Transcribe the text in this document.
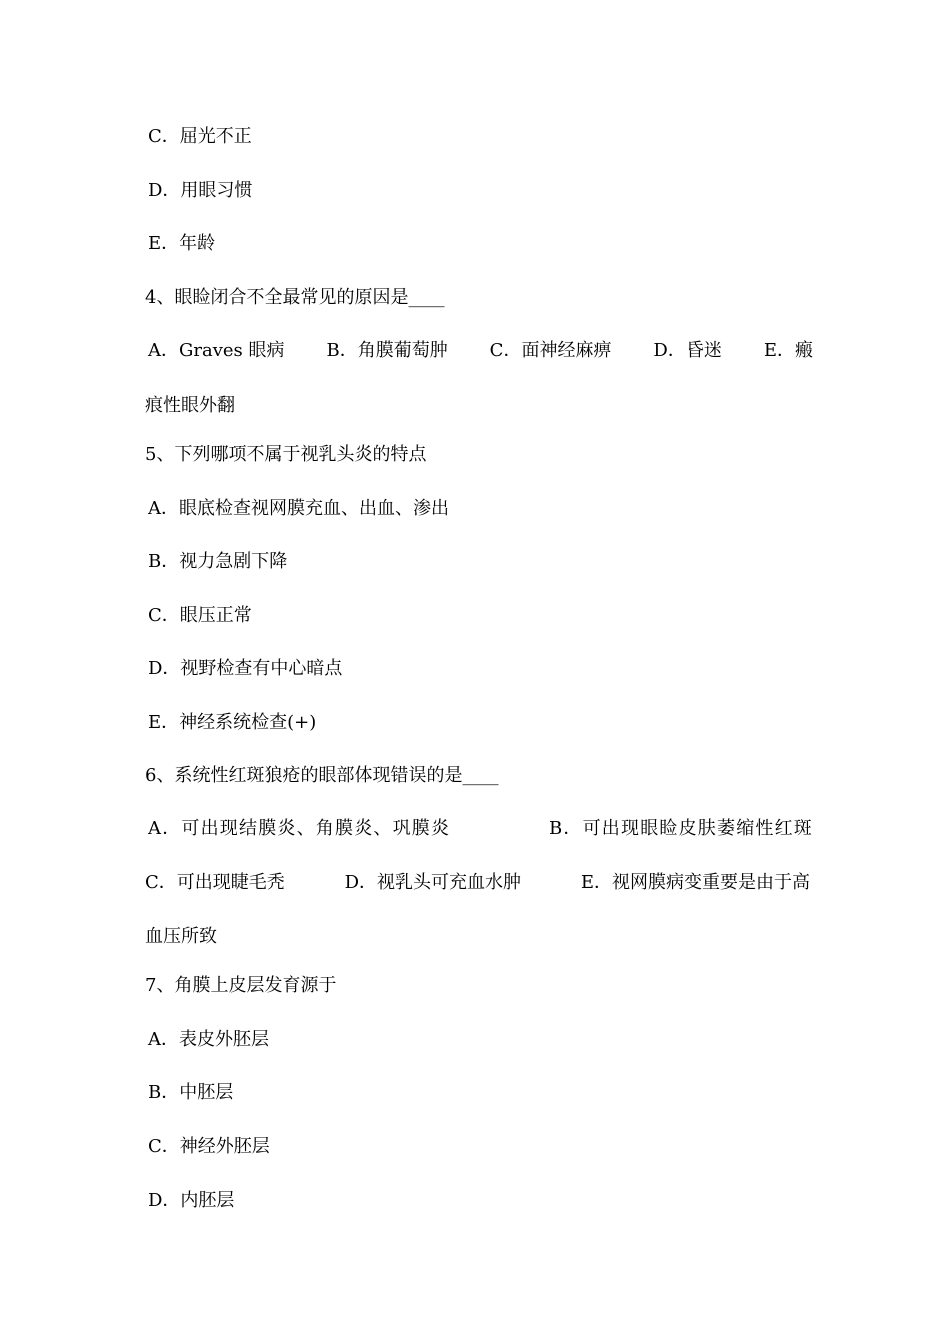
C．屈光不正
D．用眼习惯
E．年龄
4、眼睑闭合不全最常见的原因是____
A．Graves 眼病 B．角膜葡萄肿 C．面神经麻痹 D．昏迷 E．瘢
痕性眼外翻
5、下列哪项不属于视乳头炎的特点
A．眼底检查视网膜充血、出血、渗出
B．视力急剧下降
C．眼压正常
D．视野检查有中心暗点
E．神经系统检查(+)
6、系统性红斑狼疮的眼部体现错误的是____
A．可出现结膜炎、角膜炎、巩膜炎	B．可出现眼睑皮肤萎缩性红斑
C．可出现睫毛秃	D．视乳头可充血水肿	E．视网膜病变重要是由于高
血压所致
7、角膜上皮层发育源于
A．表皮外胚层
B．中胚层
C．神经外胚层
D．内胚层
